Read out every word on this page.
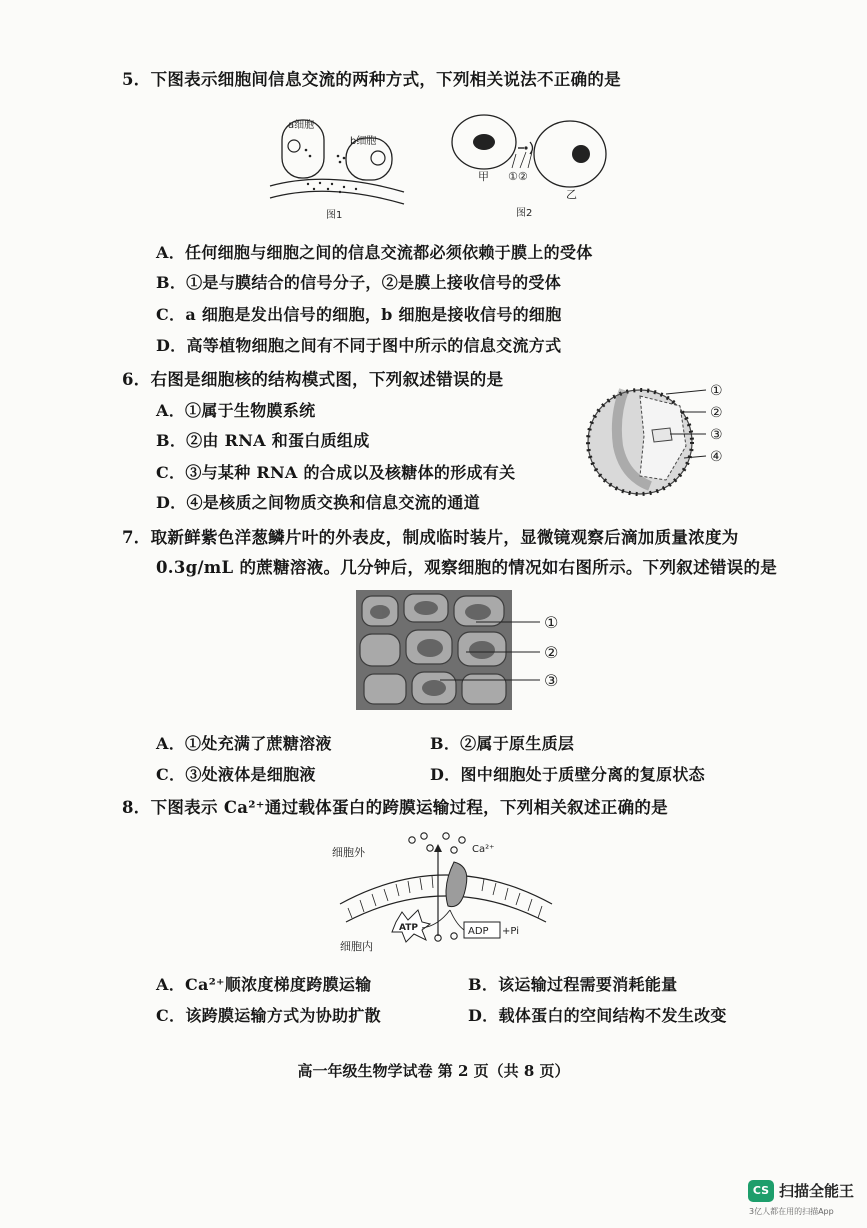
5．下图表示细胞间信息交流的两种方式，下列相关说法不正确的是
a细胞
b细胞
图1
甲 ①②
乙
图2
A．任何细胞与细胞之间的信息交流都必须依赖于膜上的受体
B．①是与膜结合的信号分子，②是膜上接收信号的受体
C．a 细胞是发出信号的细胞，b 细胞是接收信号的细胞
D．高等植物细胞之间有不同于图中所示的信息交流方式
6．右图是细胞核的结构模式图，下列叙述错误的是
①
②
③
④
A．①属于生物膜系统
B．②由 RNA 和蛋白质组成
C．③与某种 RNA 的合成以及核糖体的形成有关
D．④是核质之间物质交换和信息交流的通道
7．取新鲜紫色洋葱鳞片叶的外表皮，制成临时装片，显微镜观察后滴加质量浓度为
0.3g/mL 的蔗糖溶液。几分钟后，观察细胞的情况如右图所示。下列叙述错误的是
①
②
③
A．①处充满了蔗糖溶液	B．②属于原生质层
C．③处液体是细胞液	D．图中细胞处于质壁分离的复原状态
8．下图表示 Ca²⁺通过载体蛋白的跨膜运输过程，下列相关叙述正确的是
细胞外
细胞内
Ca²⁺
ATP	ADP +Pi
A．Ca²⁺顺浓度梯度跨膜运输	B．该运输过程需要消耗能量
C．该跨膜运输方式为协助扩散	D．载体蛋白的空间结构不发生改变
高一年级生物学试卷 第 2 页（共 8 页）
CS 扫描全能王
3亿人都在用的扫描App
